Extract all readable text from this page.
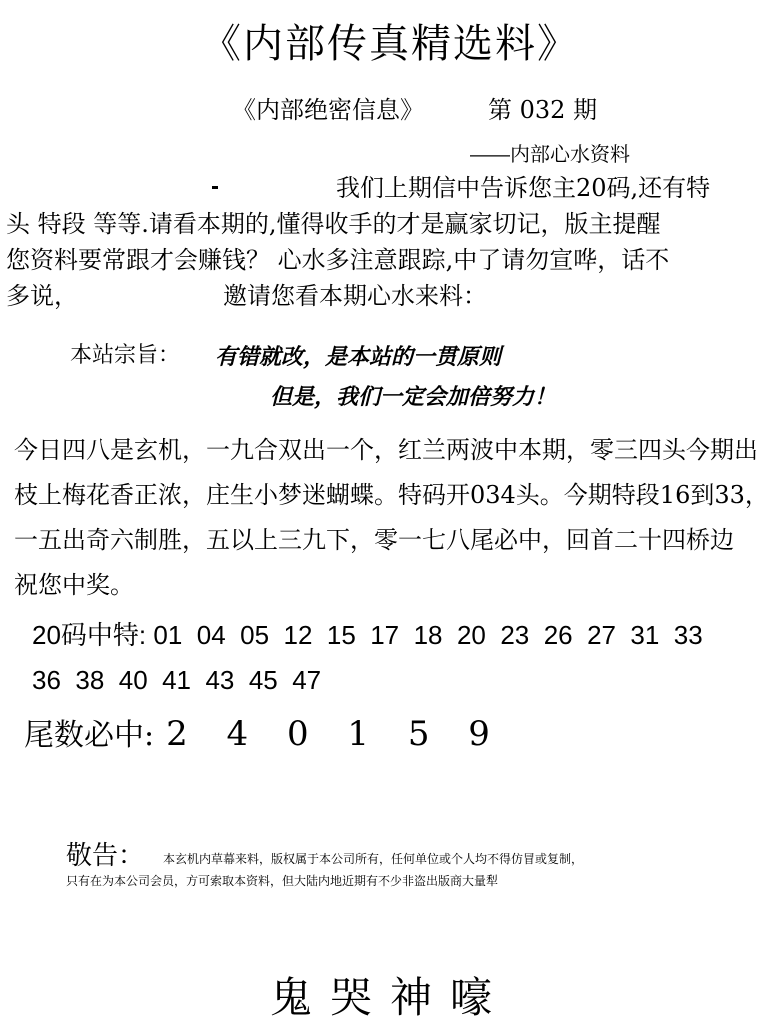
《内部传真精选料》
《内部绝密信息》	第 032 期
――内部心水资料
我们上期信中告诉您主20码,还有特
头 特段 等等.请看本期的,懂得收手的才是赢家切记，版主提醒
您资料要常跟才会赚钱？ 心水多注意跟踪,中了请勿宣哗，话不
多说，                   邀请您看本期心水来料：
本站宗旨： 有错就改，是本站的一贯原则
但是，我们一定会加倍努力！
今日四八是玄机，一九合双出一个，红兰两波中本期，零三四头今期出
枝上梅花香正浓，庄生小梦迷蝴蝶。特码开034头。今期特段16到33，
一五出奇六制胜，五以上三九下，零一七八尾必中，回首二十四桥边
祝您中奖。
20码中特: 01  04  05  12  15  17  18  20  23  26  27  31  33
36  38  40  41  43  45  47
尾数必中: 2 4 0 1 5 9
敬告： 本玄机内草幕来料，版权属于本公司所有，任何单位或个人均不得仿冒或复制，
只有在为本公司会员，方可索取本资料，但大陆内地近期有不少非盗出版商大量犁
鬼哭神嚎
